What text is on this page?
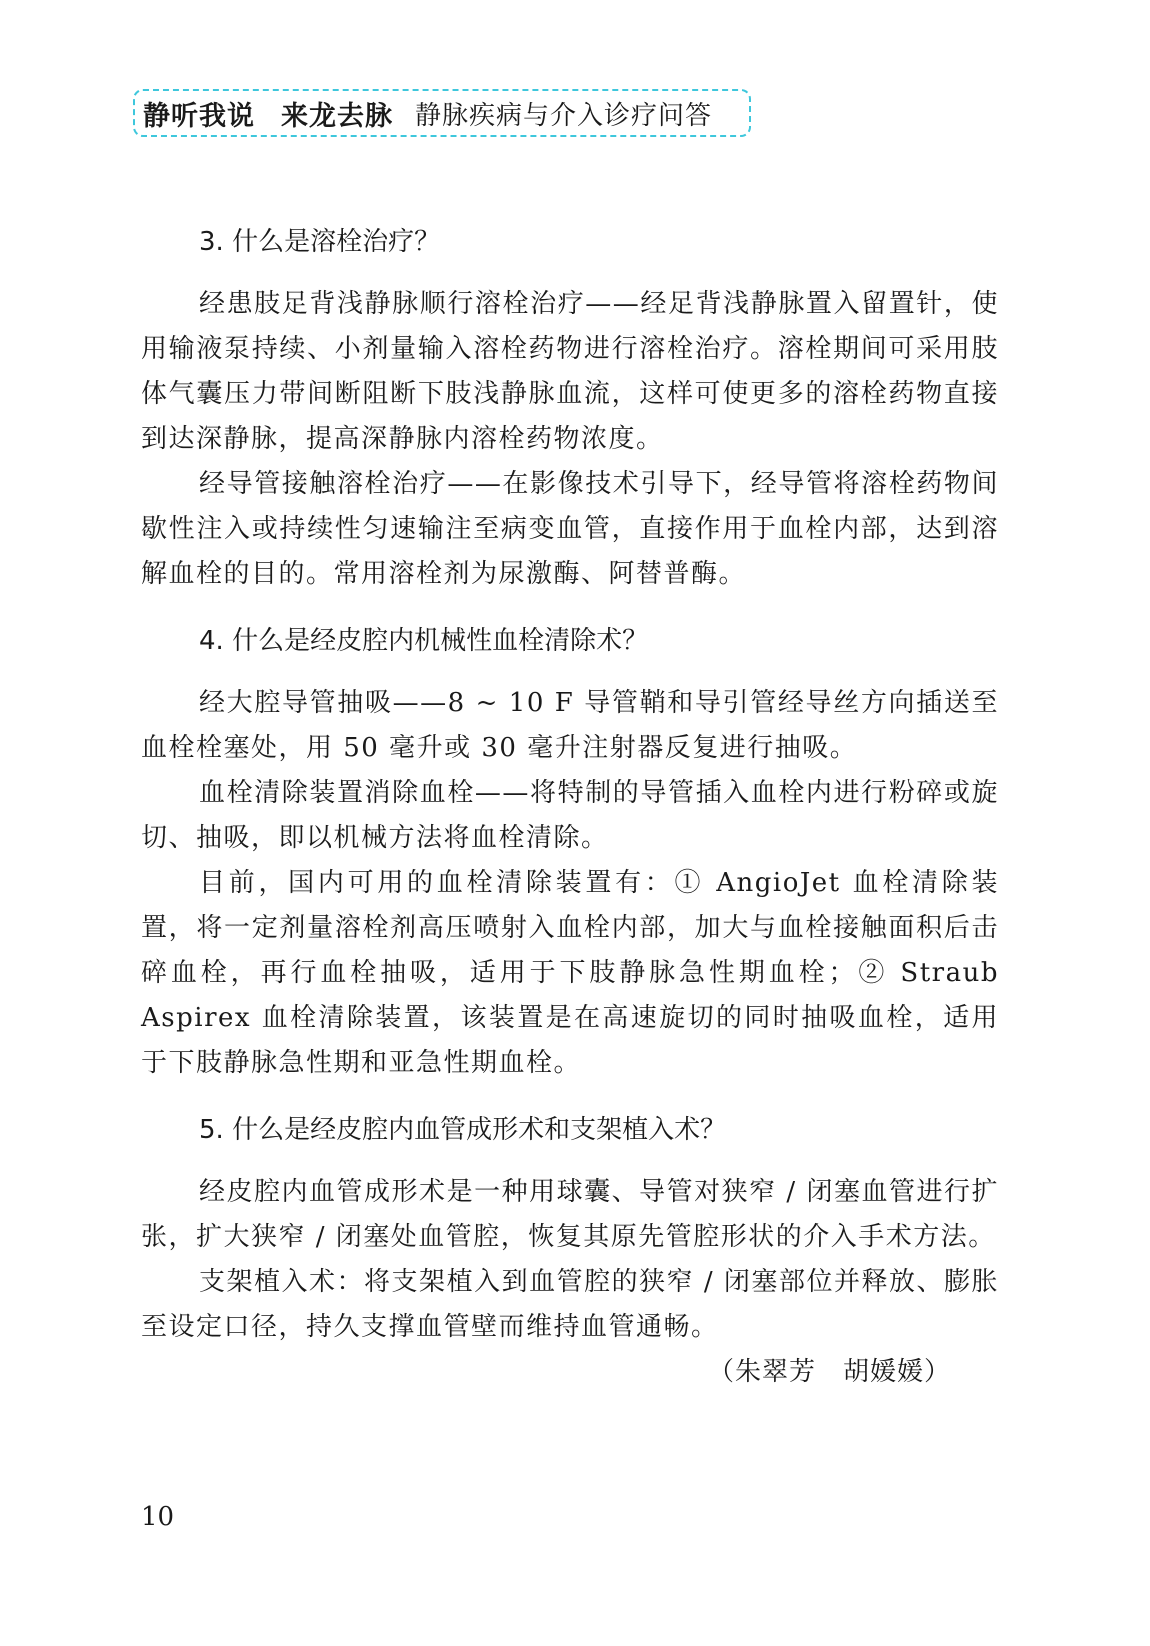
静听我说 来龙去脉 静脉疾病与介入诊疗问答

3. 什么是溶栓治疗？

经患肢足背浅静脉顺行溶栓治疗——经足背浅静脉置入留置针，使用输液泵持续、小剂量输入溶栓药物进行溶栓治疗。溶栓期间可采用肢体气囊压力带间断阻断下肢浅静脉血流，这样可使更多的溶栓药物直接到达深静脉，提高深静脉内溶栓药物浓度。

经导管接触溶栓治疗——在影像技术引导下，经导管将溶栓药物间歇性注入或持续性匀速输注至病变血管，直接作用于血栓内部，达到溶解血栓的目的。常用溶栓剂为尿激酶、阿替普酶。

4. 什么是经皮腔内机械性血栓清除术？

经大腔导管抽吸——8 ~ 10 F 导管鞘和导引管经导丝方向插送至血栓栓塞处，用 50 毫升或 30 毫升注射器反复进行抽吸。

血栓清除装置消除血栓——将特制的导管插入血栓内进行粉碎或旋切、抽吸，即以机械方法将血栓清除。

目前，国内可用的血栓清除装置有：① AngioJet 血栓清除装置，将一定剂量溶栓剂高压喷射入血栓内部，加大与血栓接触面积后击碎血栓，再行血栓抽吸，适用于下肢静脉急性期血栓；② Straub Aspirex 血栓清除装置，该装置是在高速旋切的同时抽吸血栓，适用于下肢静脉急性期和亚急性期血栓。

5. 什么是经皮腔内血管成形术和支架植入术？

经皮腔内血管成形术是一种用球囊、导管对狭窄 / 闭塞血管进行扩张，扩大狭窄 / 闭塞处血管腔，恢复其原先管腔形状的介入手术方法。

支架植入术：将支架植入到血管腔的狭窄 / 闭塞部位并释放、膨胀至设定口径，持久支撑血管壁而维持血管通畅。

（朱翠芳　胡媛媛）

10
